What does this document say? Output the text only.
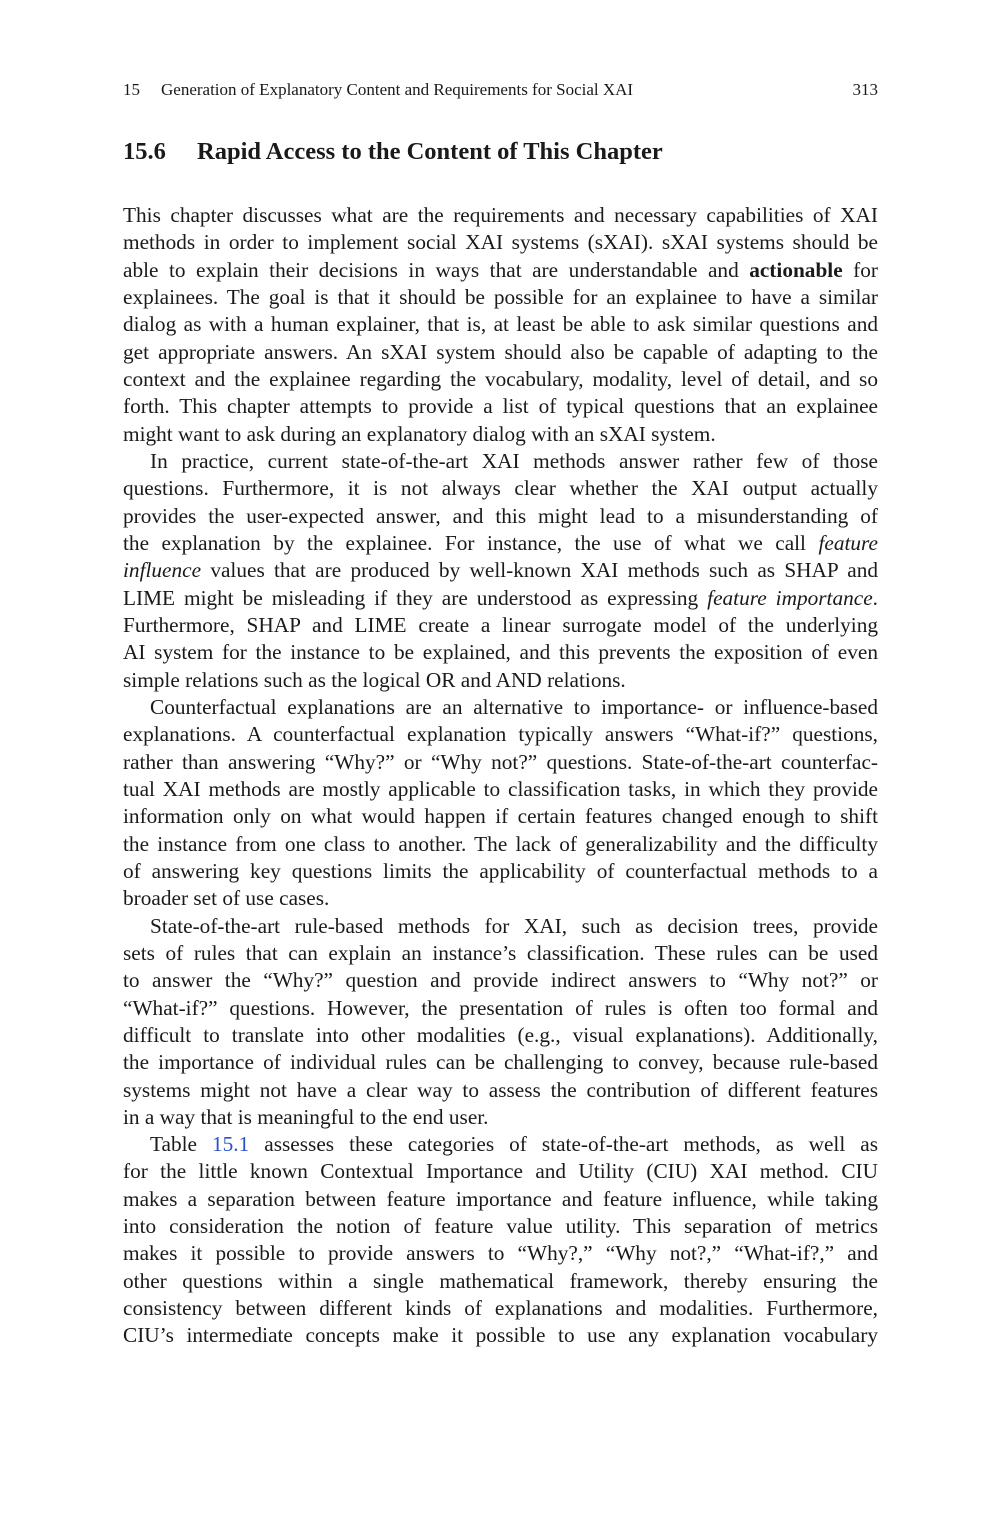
15 Generation of Explanatory Content and Requirements for Social XAI	313
15.6 Rapid Access to the Content of This Chapter
This chapter discusses what are the requirements and necessary capabilities of XAI
methods in order to implement social XAI systems (sXAI). sXAI systems should be
able to explain their decisions in ways that are understandable and actionable for
explainees. The goal is that it should be possible for an explainee to have a similar
dialog as with a human explainer, that is, at least be able to ask similar questions and
get appropriate answers. An sXAI system should also be capable of adapting to the
context and the explainee regarding the vocabulary, modality, level of detail, and so
forth. This chapter attempts to provide a list of typical questions that an explainee
might want to ask during an explanatory dialog with an sXAI system.
In practice, current state-of-the-art XAI methods answer rather few of those
questions. Furthermore, it is not always clear whether the XAI output actually
provides the user-expected answer, and this might lead to a misunderstanding of
the explanation by the explainee. For instance, the use of what we call feature
influence values that are produced by well-known XAI methods such as SHAP and
LIME might be misleading if they are understood as expressing feature importance.
Furthermore, SHAP and LIME create a linear surrogate model of the underlying
AI system for the instance to be explained, and this prevents the exposition of even
simple relations such as the logical OR and AND relations.
Counterfactual explanations are an alternative to importance- or influence-based
explanations. A counterfactual explanation typically answers “What-if?” questions,
rather than answering “Why?” or “Why not?” questions. State-of-the-art counterfac-
tual XAI methods are mostly applicable to classification tasks, in which they provide
information only on what would happen if certain features changed enough to shift
the instance from one class to another. The lack of generalizability and the difficulty
of answering key questions limits the applicability of counterfactual methods to a
broader set of use cases.
State-of-the-art rule-based methods for XAI, such as decision trees, provide
sets of rules that can explain an instance’s classification. These rules can be used
to answer the “Why?” question and provide indirect answers to “Why not?” or
“What-if?” questions. However, the presentation of rules is often too formal and
difficult to translate into other modalities (e.g., visual explanations). Additionally,
the importance of individual rules can be challenging to convey, because rule-based
systems might not have a clear way to assess the contribution of different features
in a way that is meaningful to the end user.
Table 15.1 assesses these categories of state-of-the-art methods, as well as
for the little known Contextual Importance and Utility (CIU) XAI method. CIU
makes a separation between feature importance and feature influence, while taking
into consideration the notion of feature value utility. This separation of metrics
makes it possible to provide answers to “Why?,” “Why not?,” “What-if?,” and
other questions within a single mathematical framework, thereby ensuring the
consistency between different kinds of explanations and modalities. Furthermore,
CIU’s intermediate concepts make it possible to use any explanation vocabulary
